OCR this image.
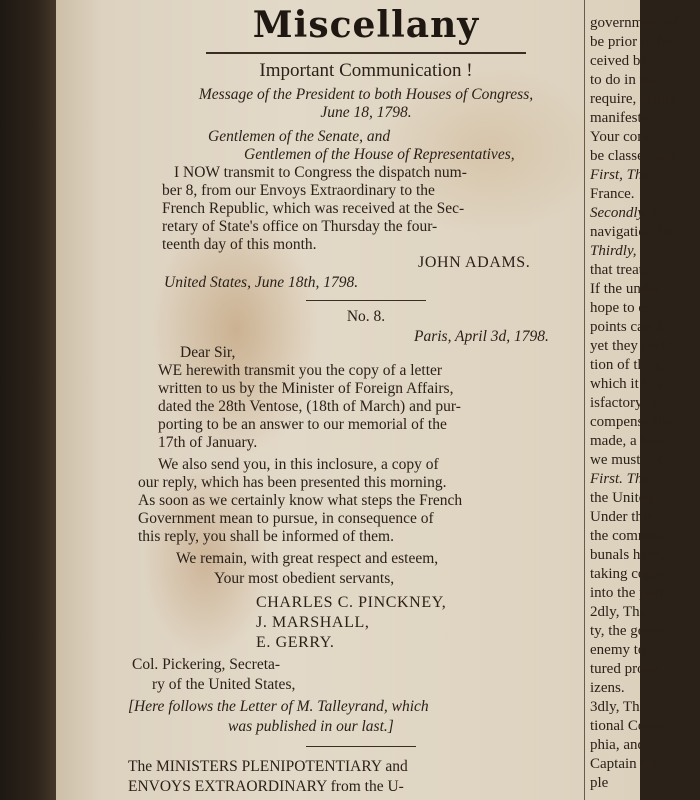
Miscellany
Important Communication !
Message of the President to both Houses of Congress,
June 18, 1798.
Gentlemen of the Senate, and
Gentlemen of the House of Representatives,
I NOW transmit to Congress the dispatch num-
ber 8, from our Envoys Extraordinary to the
French Republic, which was received at the Sec-
retary of State's office on Thursday the four-
teenth day of this month.
JOHN ADAMS.
United States, June 18th, 1798.
No. 8.
Paris, April 3d, 1798.
Dear Sir,
WE herewith transmit you the copy of a letter
written to us by the Minister of Foreign Affairs,
dated the 28th Ventose, (18th of March) and pur-
porting to be an answer to our memorial of the
17th of January.
We also send you, in this inclosure, a copy of
our reply, which has been presented this morning.
As soon as we certainly know what steps the French
Government mean to pursue, in consequence of
this reply, you shall be informed of them.
We remain, with great respect and esteem,
Your most obedient servants,
CHARLES C. PINCKNEY,
J. MARSHALL,
E. GERRY.
Col. Pickering, Secreta-
ry of the United States,
[Here follows the Letter of M. Talleyrand, which
was published in our last.]
The MINISTERS PLENIPOTENTIARY and
ENVOYS EXTRAORDINARY from the U-
government of
be prior or fol
ceived by
to do in the e
require, is opp
manifested.
Your comp
be classed und
First, The
France.
Secondly, T
navigation for
Thirdly, T
that treaty.
If the under
hope to conv
points can th
yet they perfo
tion of the g
which it has
isfactory. T
compensation
made, a base
we must yet l
First. The
the United S
Under this
the commenc
bunals have,
taking cogni
into the port
2dly, Tha
ty, the gover
enemy to co
tured prope.
izens.
3dly, Th
tional Conve
phia, and t
Captain Co
ple
